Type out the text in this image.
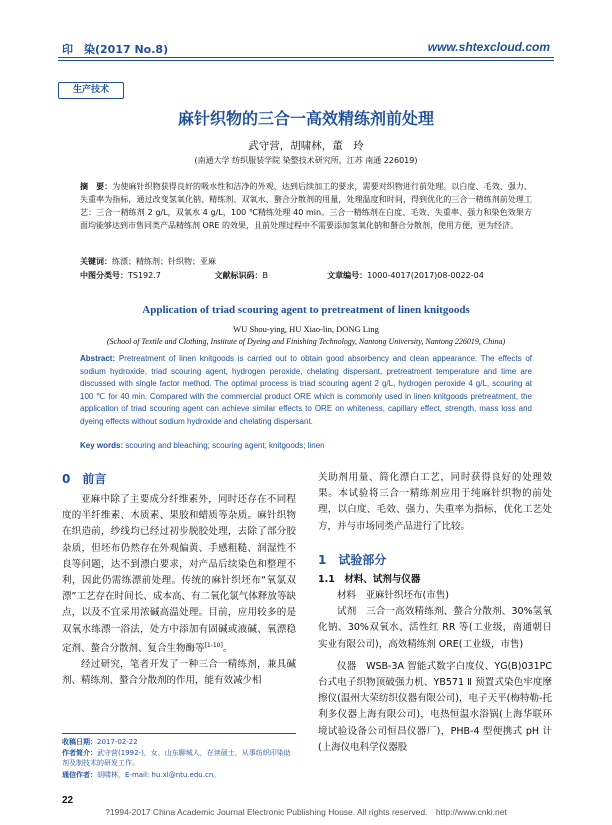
印　染(2017 No.8)	www.shtexcloud.com
生产技术
麻针织物的三合一高效精练剂前处理
武守营，胡啸林，董　玲
(南通大学 纺织服装学院 染整技术研究所，江苏 南通 226019)
摘　要：为使麻针织物获得良好的吸水性和洁净的外观，达到后续加工的要求，需要对织物进行前处理。以白度、毛效、强力、失重率为指标，通过改变氢氧化钠、精练剂、双氧水、螯合分散剂的用量，处理温度和时间，得到优化的三合一精练剂前处理工艺：三合一精练剂 2 g/L，双氧水 4 g/L，100 ℃精练处理 40 min。三合一精练剂在白度、毛效、失重率、强力和染色效果方面均能够达到市售同类产品精练剂 ORE 的效果，且前处理过程中不需要添加氢氧化钠和螯合分散剂，使用方便，更为经济。
关键词：练漂；精练剂；针织物；亚麻
中图分类号：TS192.7	文献标识码：B	文章编号：1000-4017(2017)08-0022-04
Application of triad scouring agent to pretreatment of linen knitgoods
WU Shou-ying, HU Xiao-lin, DONG Ling
(School of Textile and Clothing, Institute of Dyeing and Finishing Technology, Nantong University, Nantong 226019, China)
Abstract: Pretreatment of linen knitgoods is carried out to obtain good absorbency and clean appearance. The effects of sodium hydroxide, triad scouring agent, hydrogen peroxide, chelating dispersant, pretreatment temperature and time are discussed with single factor method. The optimal process is triad scouring agent 2 g/L, hydrogen peroxide 4 g/L, scouring at 100 ℃ for 40 min. Compared with the commercial product ORE which is commonly used in linen knitgoods pretreatment, the application of triad scouring agent can achieve similar effects to ORE on whiteness, capillary effect, strength, mass loss and dyeing effects without sodium hydroxide and chelating dispersant.
Key words: scouring and bleaching; scouring agent; knitgoods; linen
0　前言
亚麻中除了主要成分纤维素外，同时还存在不同程度的半纤维素、木质素、果胶和蜡质等杂质。麻针织物在织造前，纱线均已经过初步脱胶处理，去除了部分胶杂质，但坯布仍然存在外观偏黄、手感粗糙、润湿性不良等问题，达不到漂白要求，对产品后续染色和整理不利，因此仍需练漂前处理。传统的麻针织坯布“氧氯双漂”工艺存在时间长、成本高、有二氧化氯气体释放等缺点，以及不宜采用浓碱高温处理。目前，应用较多的是双氧水练漂一浴法，处方中添加有固碱或液碱、氧漂稳定剂、螯合分散剂、复合生物酶等[1-10]。
经过研究，笔者开发了一种三合一精练剂，兼具碱剂、精练剂、螯合分散剂的作用，能有效减少相
收稿日期：2017-02-22
作者简介：武守营(1992-)，女，山东聊城人，在读硕士，从事纺织印染助剂及制技术的研发工作。
通信作者：胡啸林，E-mail: hu.xl@ntu.edu.cn。
关助剂用量、简化漂白工艺，同时获得良好的处理效果。本试验将三合一精练剂应用于纯麻针织物的前处理，以白度、毛效、强力、失重率为指标，优化工艺处方，并与市场同类产品进行了比较。
1　试验部分
1.1　材料、试剂与仪器
材料　亚麻针织坯布(市售)
试剂　三合一高效精练剂、螯合分散剂、30%氢氧化钠、30%双氧水、活性红 RR 等(工业级，南通朝日实业有限公司)，高效精练剂 ORE(工业级，市售)
仪器　WSB-3A 智能式数字白度仪、YG(B)031PC 台式电子织物顶破强力机、YB571 Ⅱ 预置式染色牢度摩擦仪(温州大荣纺织仪器有限公司)，电子天平(梅特勒-托利多仪器上海有限公司)，电热恒温水浴锅(上海华联环境试验设备公司恒昌仪器厂)，PHB-4 型便携式 pH 计(上海仪电科学仪器股
22
?1994-2017 China Academic Journal Electronic Publishing House. All rights reserved.　http://www.cnki.net
